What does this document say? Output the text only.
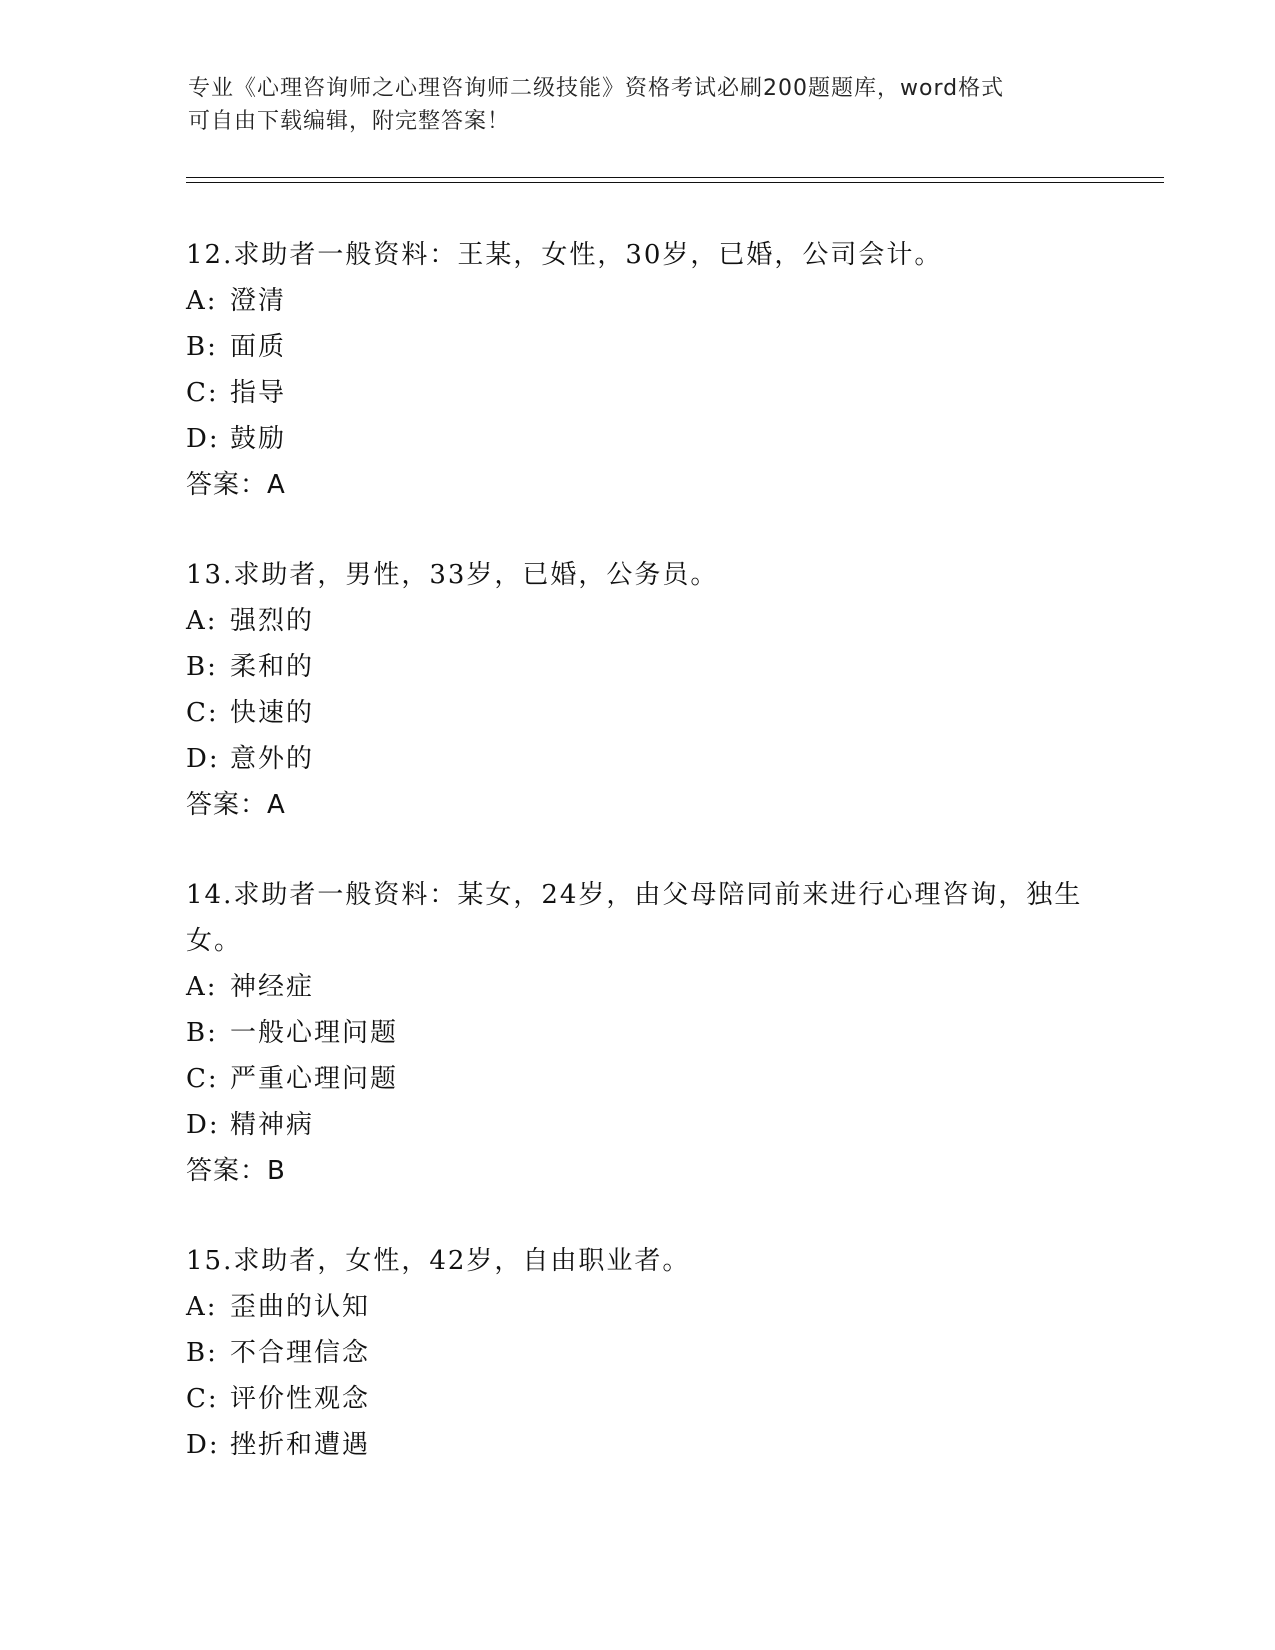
专业《心理咨询师之心理咨询师二级技能》资格考试必刷200题题库，word格式
可自由下载编辑，附完整答案！
12.求助者一般资料：王某，女性，30岁，已婚，公司会计。
A: 澄清
B: 面质
C: 指导
D: 鼓励
答案：A
13.求助者，男性，33岁，已婚，公务员。
A: 强烈的
B: 柔和的
C: 快速的
D: 意外的
答案：A
14.求助者一般资料：某女，24岁，由父母陪同前来进行心理咨询，独生女。
A: 神经症
B: 一般心理问题
C: 严重心理问题
D: 精神病
答案：B
15.求助者，女性，42岁，自由职业者。
A: 歪曲的认知
B: 不合理信念
C: 评价性观念
D: 挫折和遭遇
